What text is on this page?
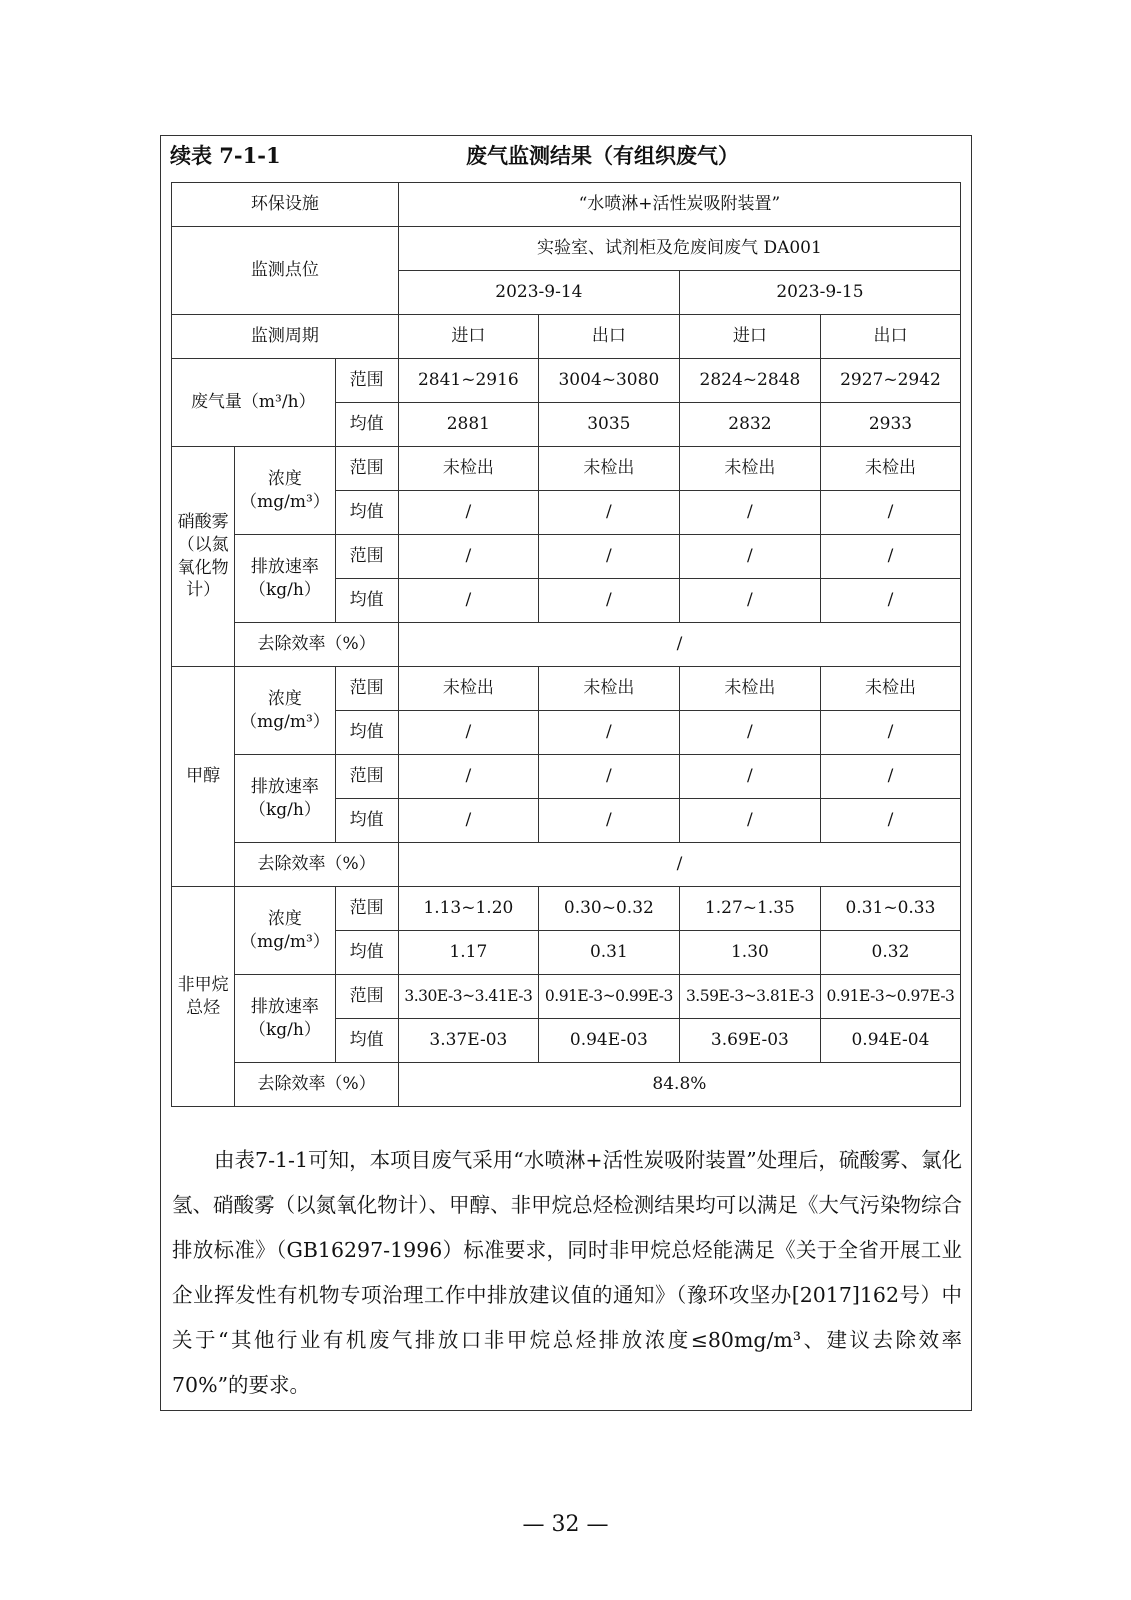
续表 7-1-1	废气监测结果（有组织废气）
环保设施			“水喷淋+活性炭吸附装置”			
监测点位			实验室、试剂柜及危废间废气 DA001			
			2023-9-14		2023-9-15	
监测周期			进口	出口	进口	出口
废气量（m³/h）		范围	2841~2916	3004~3080	2824~2848	2927~2942
		均值	2881	3035	2832	2933
硝酸雾（以氮氧化物计）	浓度（mg/m³）	范围	未检出	未检出	未检出	未检出
		均值	/	/	/	/
	排放速率（kg/h）	范围	/	/	/	/
		均值	/	/	/	/
	去除效率（%）		/			
甲醇	浓度（mg/m³）	范围	未检出	未检出	未检出	未检出
		均值	/	/	/	/
	排放速率（kg/h）	范围	/	/	/	/
		均值	/	/	/	/
	去除效率（%）		/			
非甲烷总烃	浓度（mg/m³）	范围	1.13~1.20	0.30~0.32	1.27~1.35	0.31~0.33
		均值	1.17	0.31	1.30	0.32
	排放速率（kg/h）	范围	3.30E-3~3.41E-3	0.91E-3~0.99E-3	3.59E-3~3.81E-3	0.91E-3~0.97E-3
		均值	3.37E-03	0.94E-03	3.69E-03	0.94E-04
	去除效率（%）		84.8%			

由表7-1-1可知，本项目废气采用“水喷淋+活性炭吸附装置”处理后，硫酸雾、氯化氢、硝酸雾（以氮氧化物计）、甲醇、非甲烷总烃检测结果均可以满足《大气污染物综合排放标准》（GB16297-1996）标准要求，同时非甲烷总烃能满足《关于全省开展工业企业挥发性有机物专项治理工作中排放建议值的通知》（豫环攻坚办[2017]162号）中关于“其他行业有机废气排放口非甲烷总烃排放浓度≤80mg/m³、建议去除效率70%”的要求。

— 32 —
